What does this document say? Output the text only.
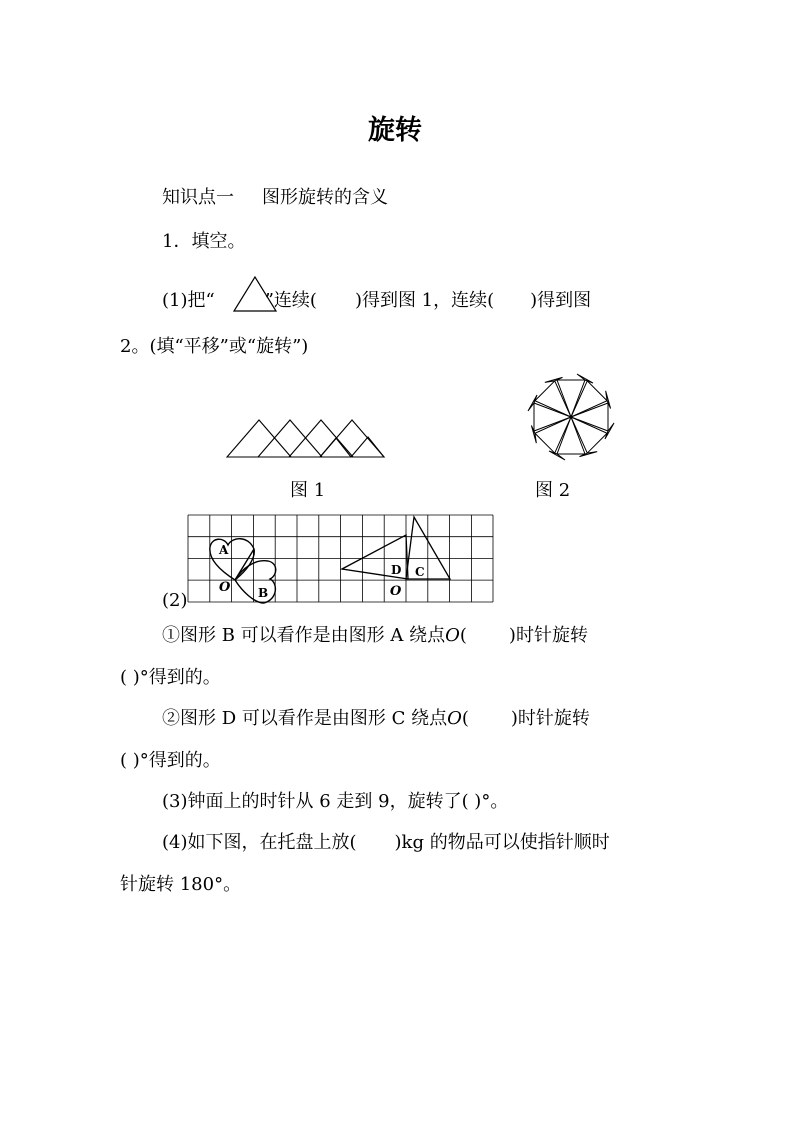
旋转
知识点一 图形旋转的含义
1．填空。
(1)把“	”连续( )得到图 1，连续( )得到图
2。(填“平移”或“旋转”)
图 1	图 2
(2)
A
B
O
D C
O
①图形 B 可以看作是由图形 A 绕点O( )时针旋转
( )°得到的。
②图形 D 可以看作是由图形 C 绕点O( )时针旋转
( )°得到的。
(3)钟面上的时针从 6 走到 9，旋转了( )°。
(4)如下图，在托盘上放( )kg 的物品可以使指针顺时
针旋转 180°。
